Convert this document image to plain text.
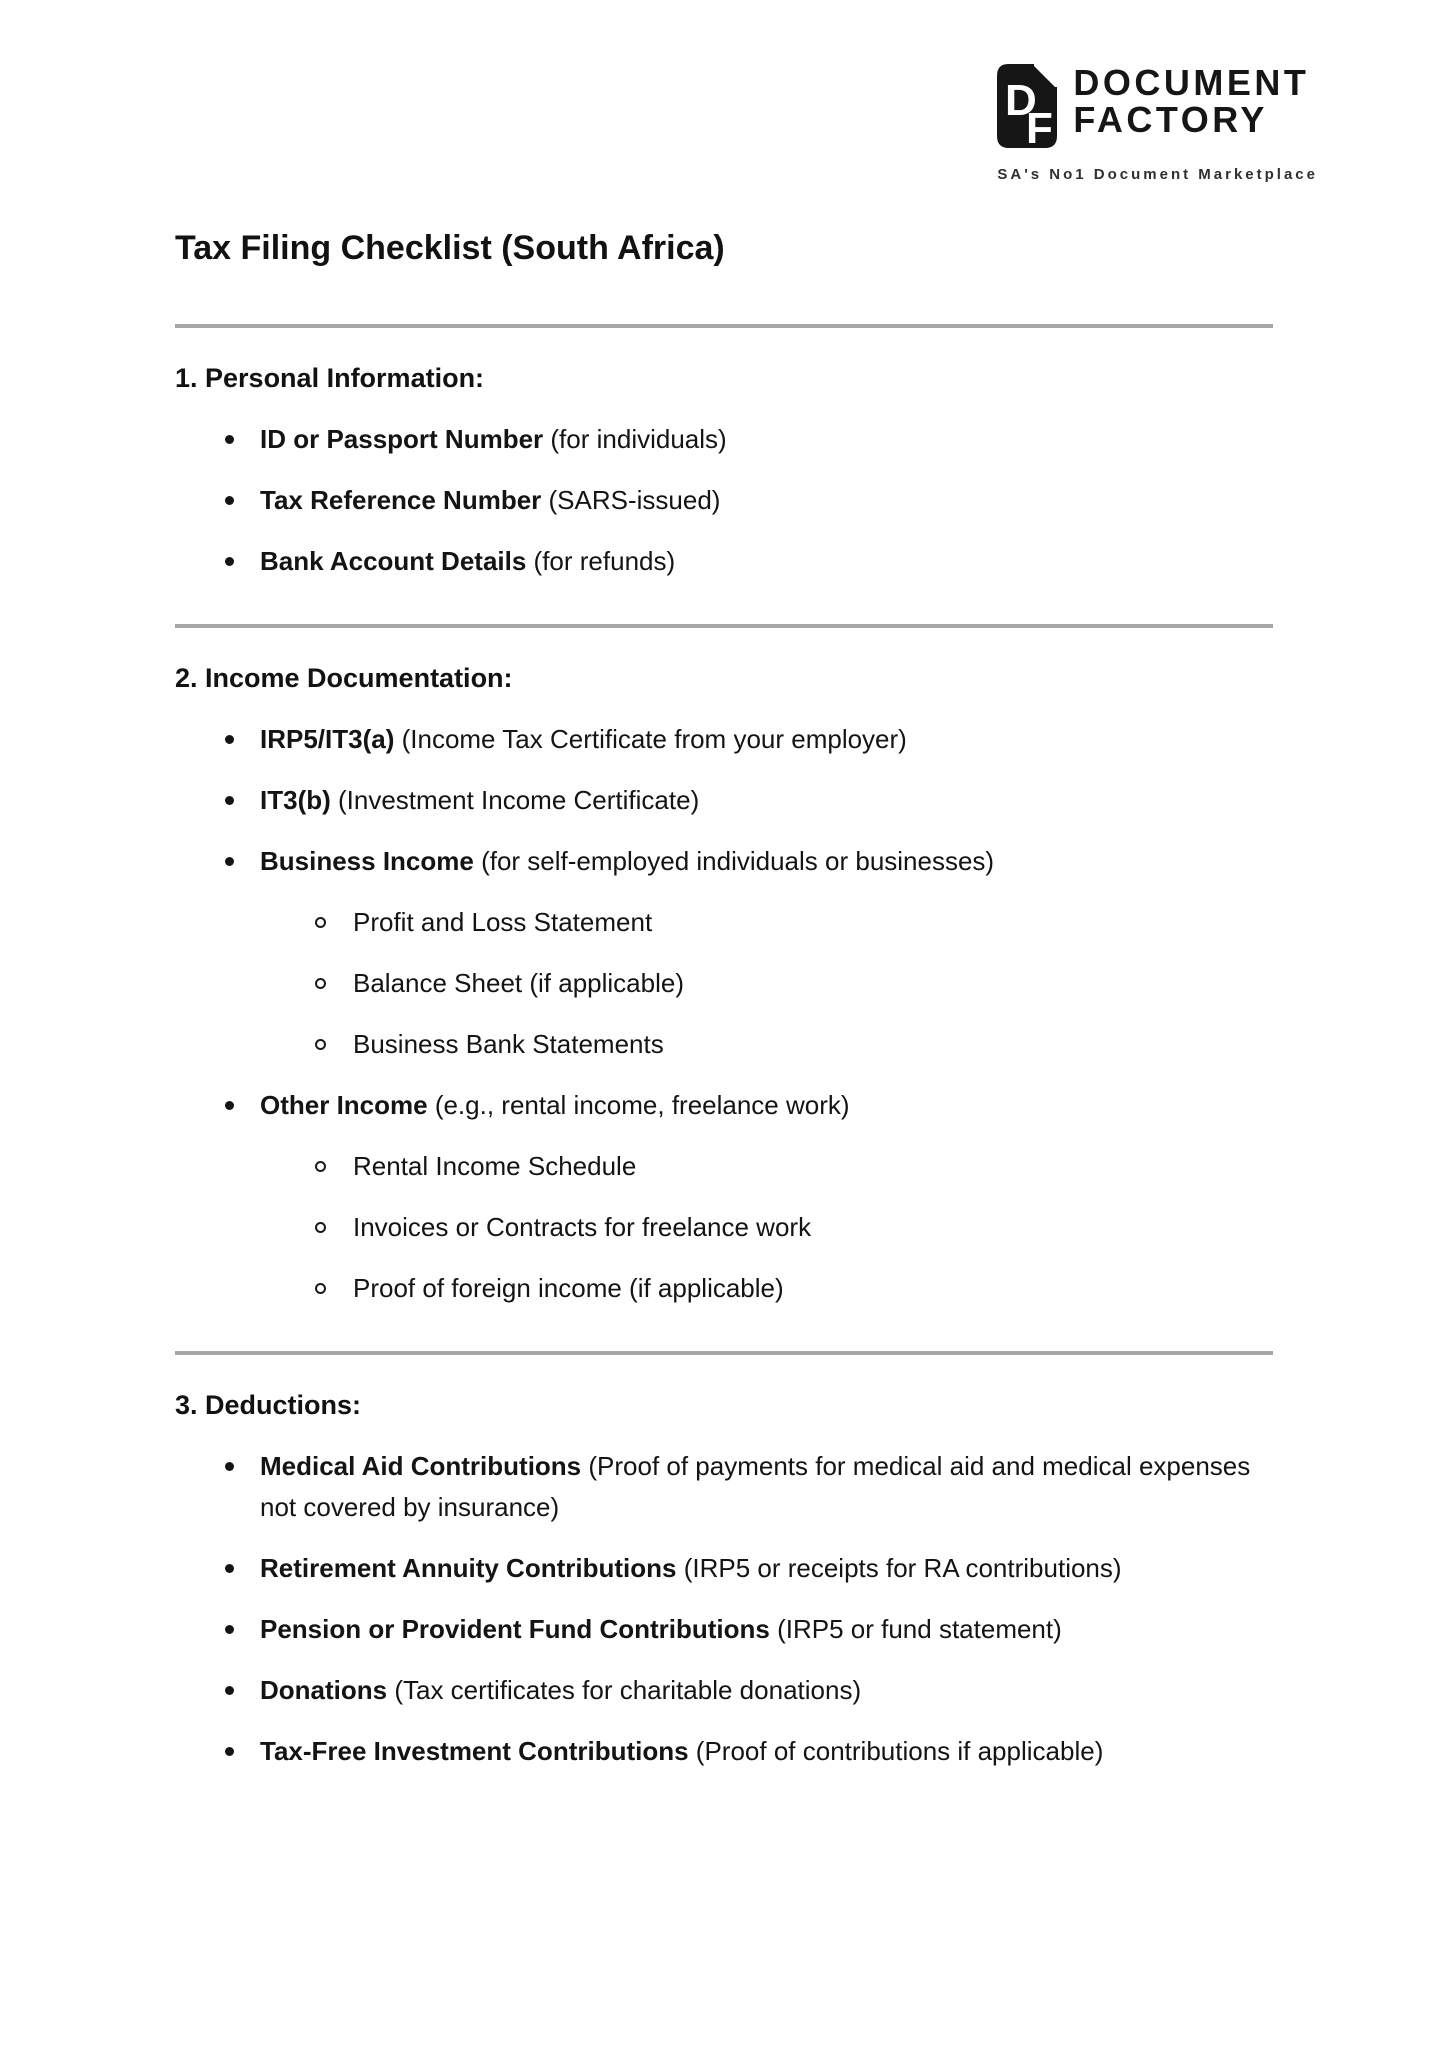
D
F
DOCUMENT
FACTORY
SA's No1 Document Marketplace
Tax Filing Checklist (South Africa)
1. Personal Information:
ID or Passport Number (for individuals)
Tax Reference Number (SARS-issued)
Bank Account Details (for refunds)
2. Income Documentation:
IRP5/IT3(a) (Income Tax Certificate from your employer)
IT3(b) (Investment Income Certificate)
Business Income (for self-employed individuals or businesses)
Profit and Loss Statement
Balance Sheet (if applicable)
Business Bank Statements
Other Income (e.g., rental income, freelance work)
Rental Income Schedule
Invoices or Contracts for freelance work
Proof of foreign income (if applicable)
3. Deductions:
Medical Aid Contributions (Proof of payments for medical aid and medical expenses not covered by insurance)
Retirement Annuity Contributions (IRP5 or receipts for RA contributions)
Pension or Provident Fund Contributions (IRP5 or fund statement)
Donations (Tax certificates for charitable donations)
Tax-Free Investment Contributions (Proof of contributions if applicable)
